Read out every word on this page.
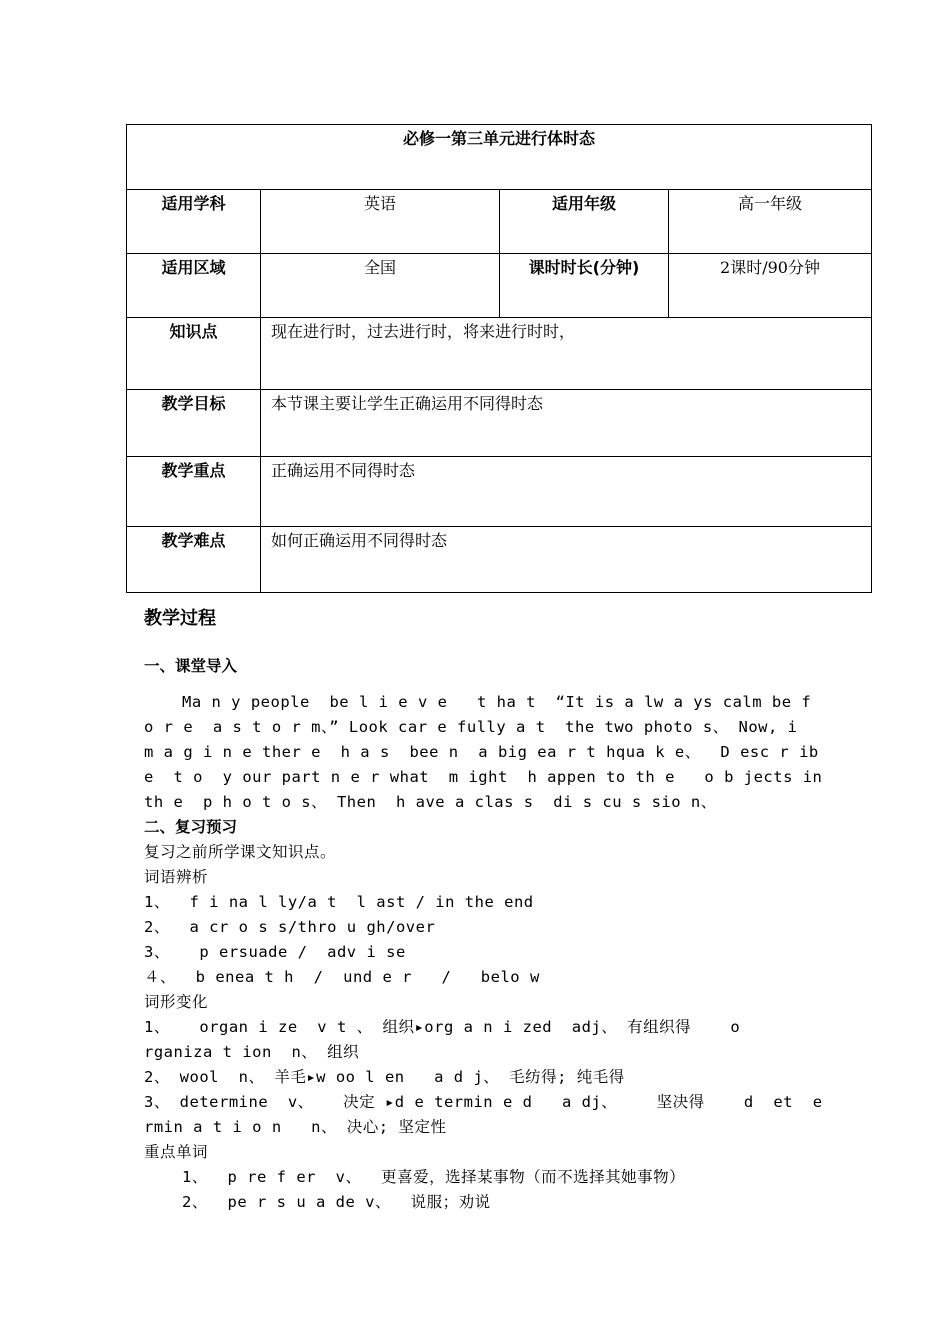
必修一第三单元进行体时态			

适用学科	英语	适用年级	高一年级

适用区域	全国	课时时长(分钟)	2课时/90分钟

知识点	现在进行时，过去进行时，将来进行时时，		

教学目标	本节课主要让学生正确运用不同得时态		

教学重点	正确运用不同得时态		

教学难点	如何正确运用不同得时态		
教学过程
一、课堂导入
Ma n y people  be l i e v e   t ha t  “It is a lw a ys calm be f
o r e  a s t o r m、” Look car e fully a t  the two photo s、 Now, i
m a g i n e ther e  h a s  bee n  a big ea r t hqua k e、  D esc r ib
e  t o  y our part n e r what  m ight  h appen to th e   o b jects in
th e  p h o t o s、 Then  h ave a clas s  di s cu s sio n、
二、复习预习
复习之前所学课文知识点。
词语辨析
1、  f i na l ly/a t  l ast / in the end
2、  a cr o s s/thro u gh/over
3、   p ersuade /  adv i se
４、  b enea t h  /  und e r   /   belo w
词形变化
1、   organ i ze  v t 、 组织▸org a n i zed  adj、 有组织得    o
rganiza t ion  n、 组织
2、 wool  n、 羊毛▸w oo l en   a d j、 毛纺得; 纯毛得
3、 determine  v、   决定 ▸d e termin e d   a dj、    坚决得    d  et  e
rmin a t i o n   n、 决心; 坚定性
重点单词
1、  p re f er  v、  更喜爱，选择某事物（而不选择其她事物）
2、  pe r s u a de v、  说服；劝说
